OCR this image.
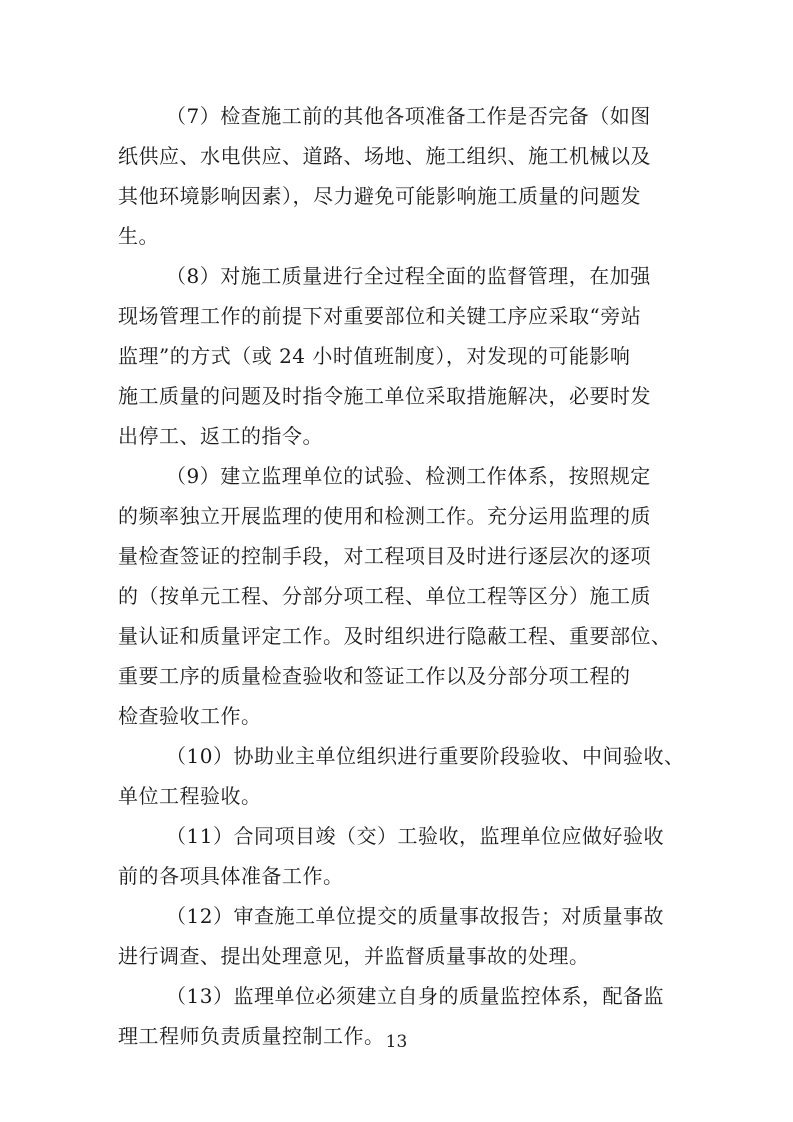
（7）检查施工前的其他各项准备工作是否完备（如图
纸供应、水电供应、道路、场地、施工组织、施工机械以及
其他环境影响因素），尽力避免可能影响施工质量的问题发
生。
（8）对施工质量进行全过程全面的监督管理，在加强
现场管理工作的前提下对重要部位和关键工序应采取“旁站
监理”的方式（或 24 小时值班制度），对发现的可能影响
施工质量的问题及时指令施工单位采取措施解决，必要时发
出停工、返工的指令。
（9）建立监理单位的试验、检测工作体系，按照规定
的频率独立开展监理的使用和检测工作。充分运用监理的质
量检查签证的控制手段，对工程项目及时进行逐层次的逐项
的（按单元工程、分部分项工程、单位工程等区分）施工质
量认证和质量评定工作。及时组织进行隐蔽工程、重要部位、
重要工序的质量检查验收和签证工作以及分部分项工程的
检查验收工作。
（10）协助业主单位组织进行重要阶段验收、中间验收、
单位工程验收。
（11）合同项目竣（交）工验收，监理单位应做好验收
前的各项具体准备工作。
（12）审查施工单位提交的质量事故报告；对质量事故
进行调查、提出处理意见，并监督质量事故的处理。
（13）监理单位必须建立自身的质量监控体系，配备监
理工程师负责质量控制工作。 13
